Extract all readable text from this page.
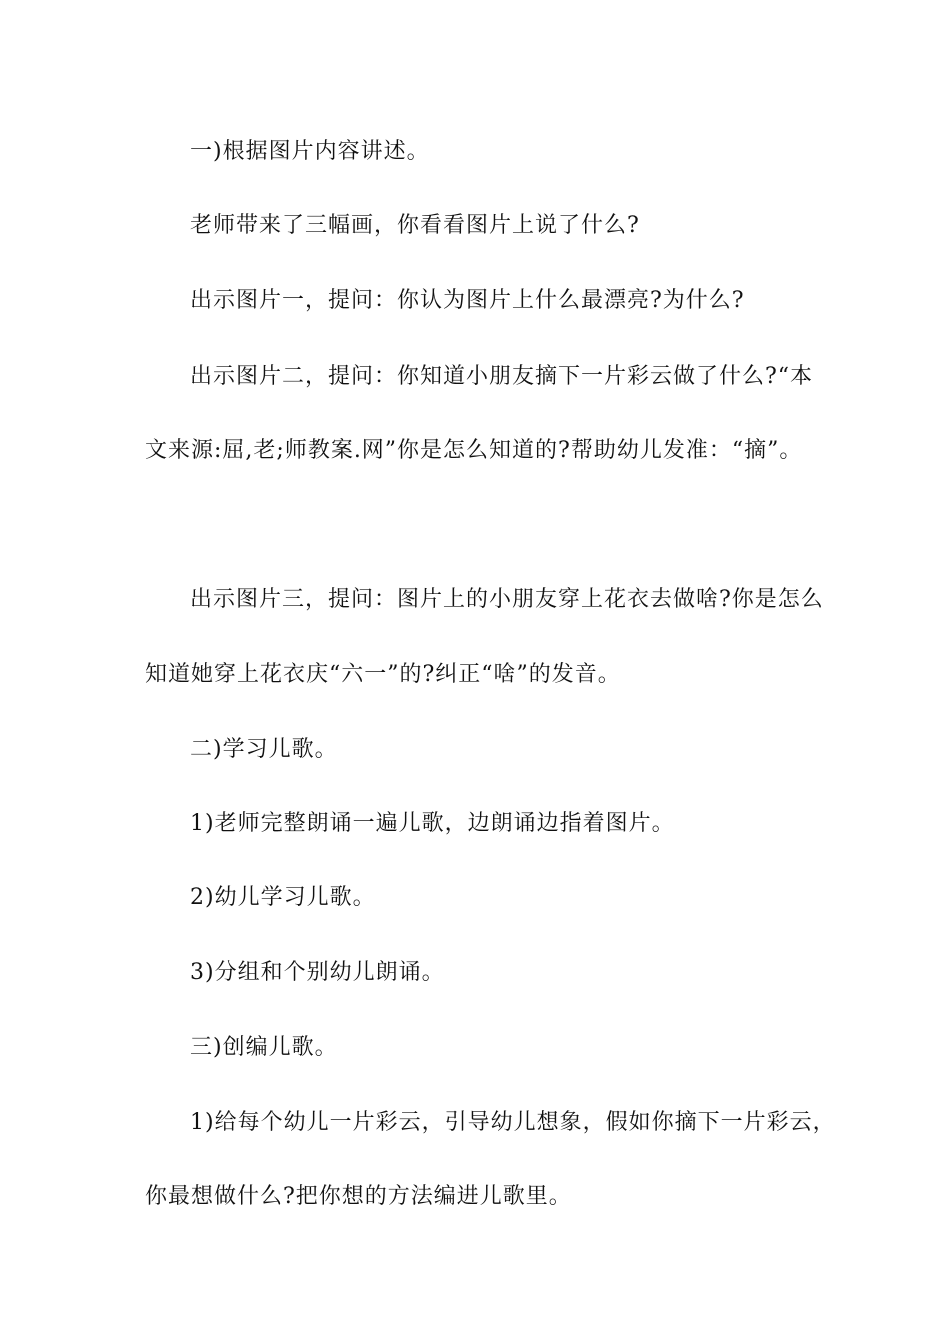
一)根据图片内容讲述。
老师带来了三幅画，你看看图片上说了什么?
出示图片一，提问：你认为图片上什么最漂亮?为什么?
出示图片二，提问：你知道小朋友摘下一片彩云做了什么?“本
文来源:屈,老;师教案.网”你是怎么知道的?帮助幼儿发准：“摘”。
出示图片三，提问：图片上的小朋友穿上花衣去做啥?你是怎么
知道她穿上花衣庆“六一”的?纠正“啥”的发音。
二)学习儿歌。
1)老师完整朗诵一遍儿歌，边朗诵边指着图片。
2)幼儿学习儿歌。
3)分组和个别幼儿朗诵。
三)创编儿歌。
1)给每个幼儿一片彩云，引导幼儿想象，假如你摘下一片彩云，
你最想做什么?把你想的方法编进儿歌里。
